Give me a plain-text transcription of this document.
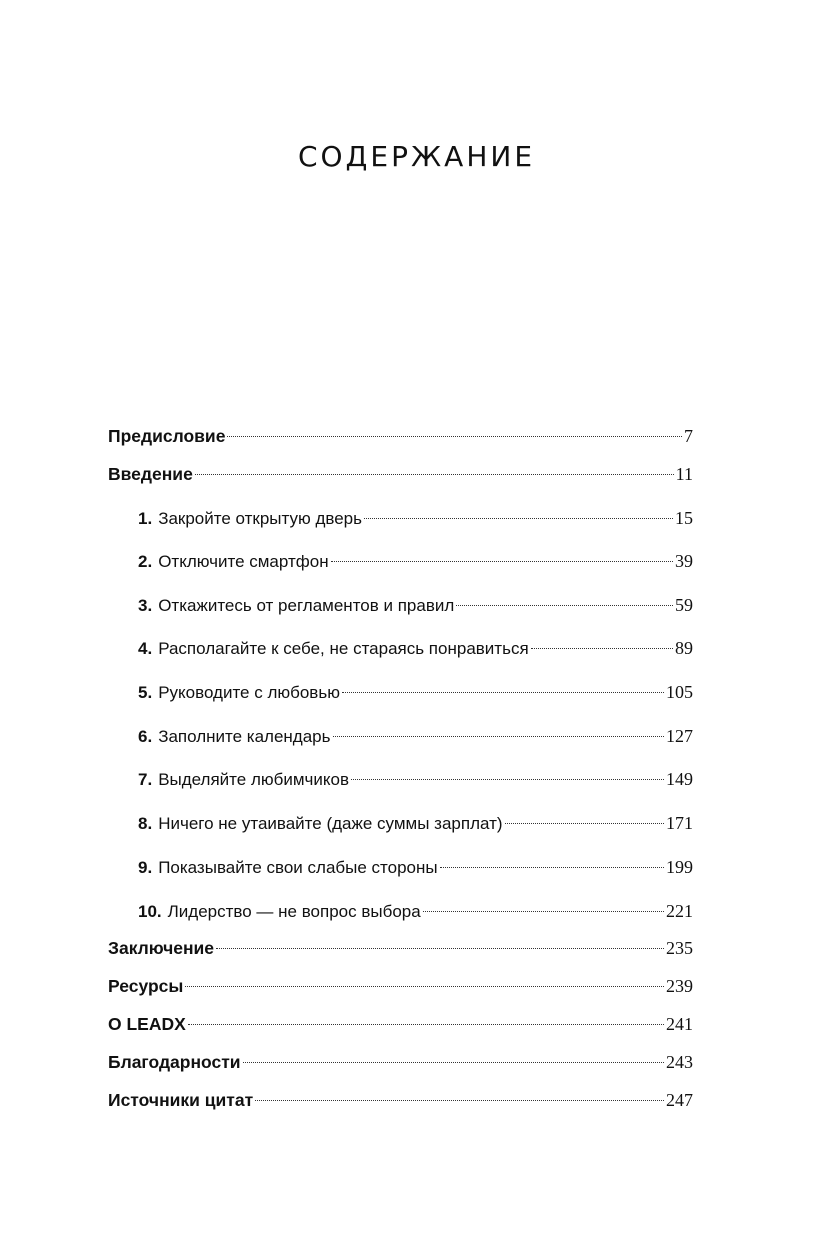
СОДЕРЖАНИЕ
Предисловие	7
Введение	11
1. Закройте открытую дверь	15
2. Отключите смартфон	39
3. Откажитесь от регламентов и правил	59
4. Располагайте к себе, не стараясь понравиться	89
5. Руководите с любовью	105
6. Заполните календарь	127
7. Выделяйте любимчиков	149
8. Ничего не утаивайте (даже суммы зарплат)	171
9. Показывайте свои слабые стороны	199
10. Лидерство — не вопрос выбора	221
Заключение	235
Ресурсы	239
О LEADX	241
Благодарности	243
Источники цитат	247
